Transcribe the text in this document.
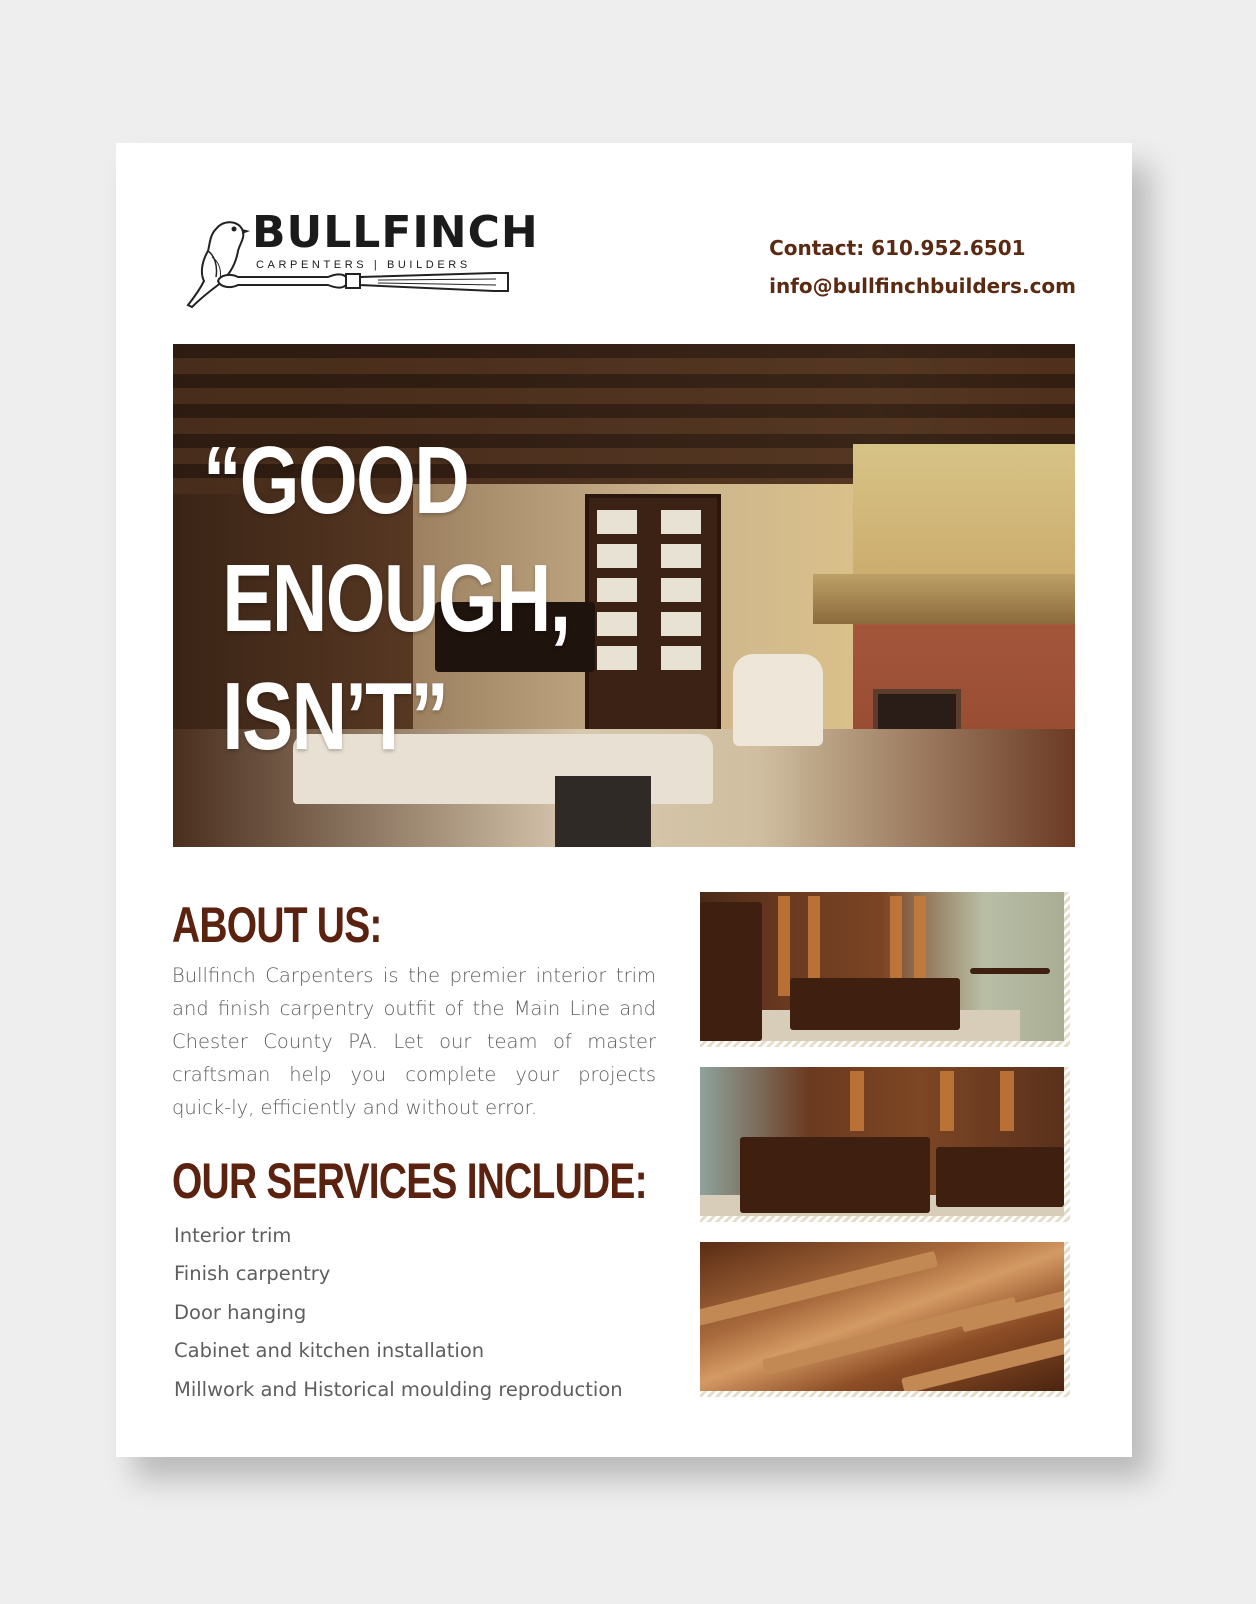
BULLFINCH
CARPENTERS | BUILDERS
Contact: 610.952.6501
info@bullfinchbuilders.com
“GOOD
ENOUGH,
ISN’T”
ABOUT US:
Bullfinch Carpenters is the premier interior trim and finish carpentry outfit of the Main Line and Chester County PA. Let our team of master craftsman help you complete your projects quick-ly, efficiently and without error.
OUR SERVICES INCLUDE:
Interior trim
Finish carpentry
Door hanging
Cabinet and kitchen installation
Millwork and Historical moulding reproduction
